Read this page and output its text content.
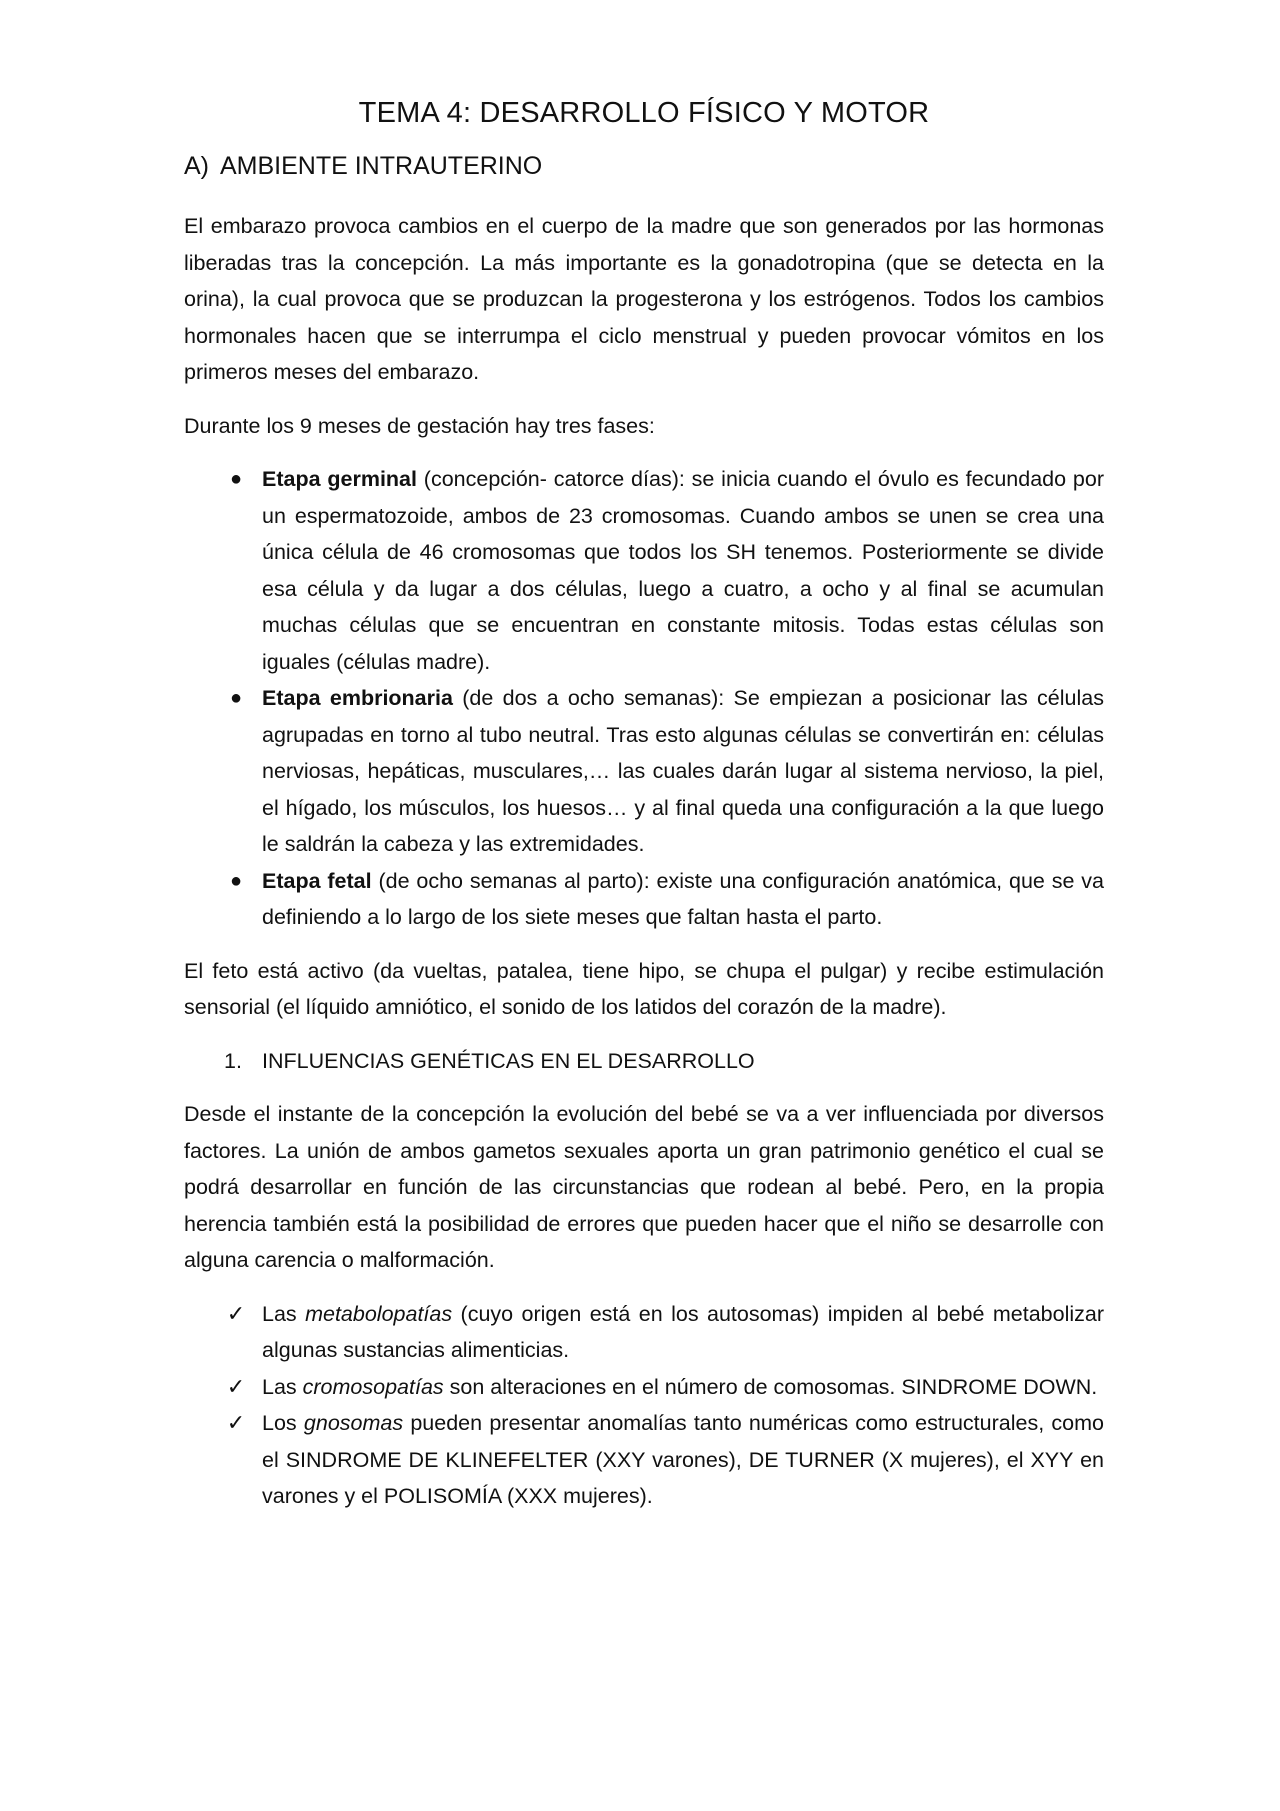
TEMA 4: DESARROLLO FÍSICO Y MOTOR
A) AMBIENTE INTRAUTERINO

El embarazo provoca cambios en el cuerpo de la madre que son generados por las hormonas liberadas tras la concepción. La más importante es la gonadotropina (que se detecta en la orina), la cual provoca que se produzcan la progesterona y los estrógenos. Todos los cambios hormonales hacen que se interrumpa el ciclo menstrual y pueden provocar vómitos en los primeros meses del embarazo.

Durante los 9 meses de gestación hay tres fases:

● Etapa germinal (concepción- catorce días): se inicia cuando el óvulo es fecundado por un espermatozoide, ambos de 23 cromosomas. Cuando ambos se unen se crea una única célula de 46 cromosomas que todos los SH tenemos. Posteriormente se divide esa célula y da lugar a dos células, luego a cuatro, a ocho y al final se acumulan muchas células que se encuentran en constante mitosis. Todas estas células son iguales (células madre).
● Etapa embrionaria (de dos a ocho semanas): Se empiezan a posicionar las células agrupadas en torno al tubo neutral. Tras esto algunas células se convertirán en: células nerviosas, hepáticas, musculares,… las cuales darán lugar al sistema nervioso, la piel, el hígado, los músculos, los huesos… y al final queda una configuración a la que luego le saldrán la cabeza y las extremidades.
● Etapa fetal (de ocho semanas al parto): existe una configuración anatómica, que se va definiendo a lo largo de los siete meses que faltan hasta el parto.

El feto está activo (da vueltas, patalea, tiene hipo, se chupa el pulgar) y recibe estimulación sensorial (el líquido amniótico, el sonido de los latidos del corazón de la madre).

1. INFLUENCIAS GENÉTICAS EN EL DESARROLLO

Desde el instante de la concepción la evolución del bebé se va a ver influenciada por diversos factores. La unión de ambos gametos sexuales aporta un gran patrimonio genético el cual se podrá desarrollar en función de las circunstancias que rodean al bebé. Pero, en la propia herencia también está la posibilidad de errores que pueden hacer que el niño se desarrolle con alguna carencia o malformación.

✓ Las metabolopatías (cuyo origen está en los autosomas) impiden al bebé metabolizar algunas sustancias alimenticias.
✓ Las cromosopatías son alteraciones en el número de comosomas. SINDROME DOWN.
✓ Los gnosomas pueden presentar anomalías tanto numéricas como estructurales, como el SINDROME DE KLINEFELTER (XXY varones), DE TURNER (X mujeres), el XYY en varones y el POLISOMÍA (XXX mujeres).
